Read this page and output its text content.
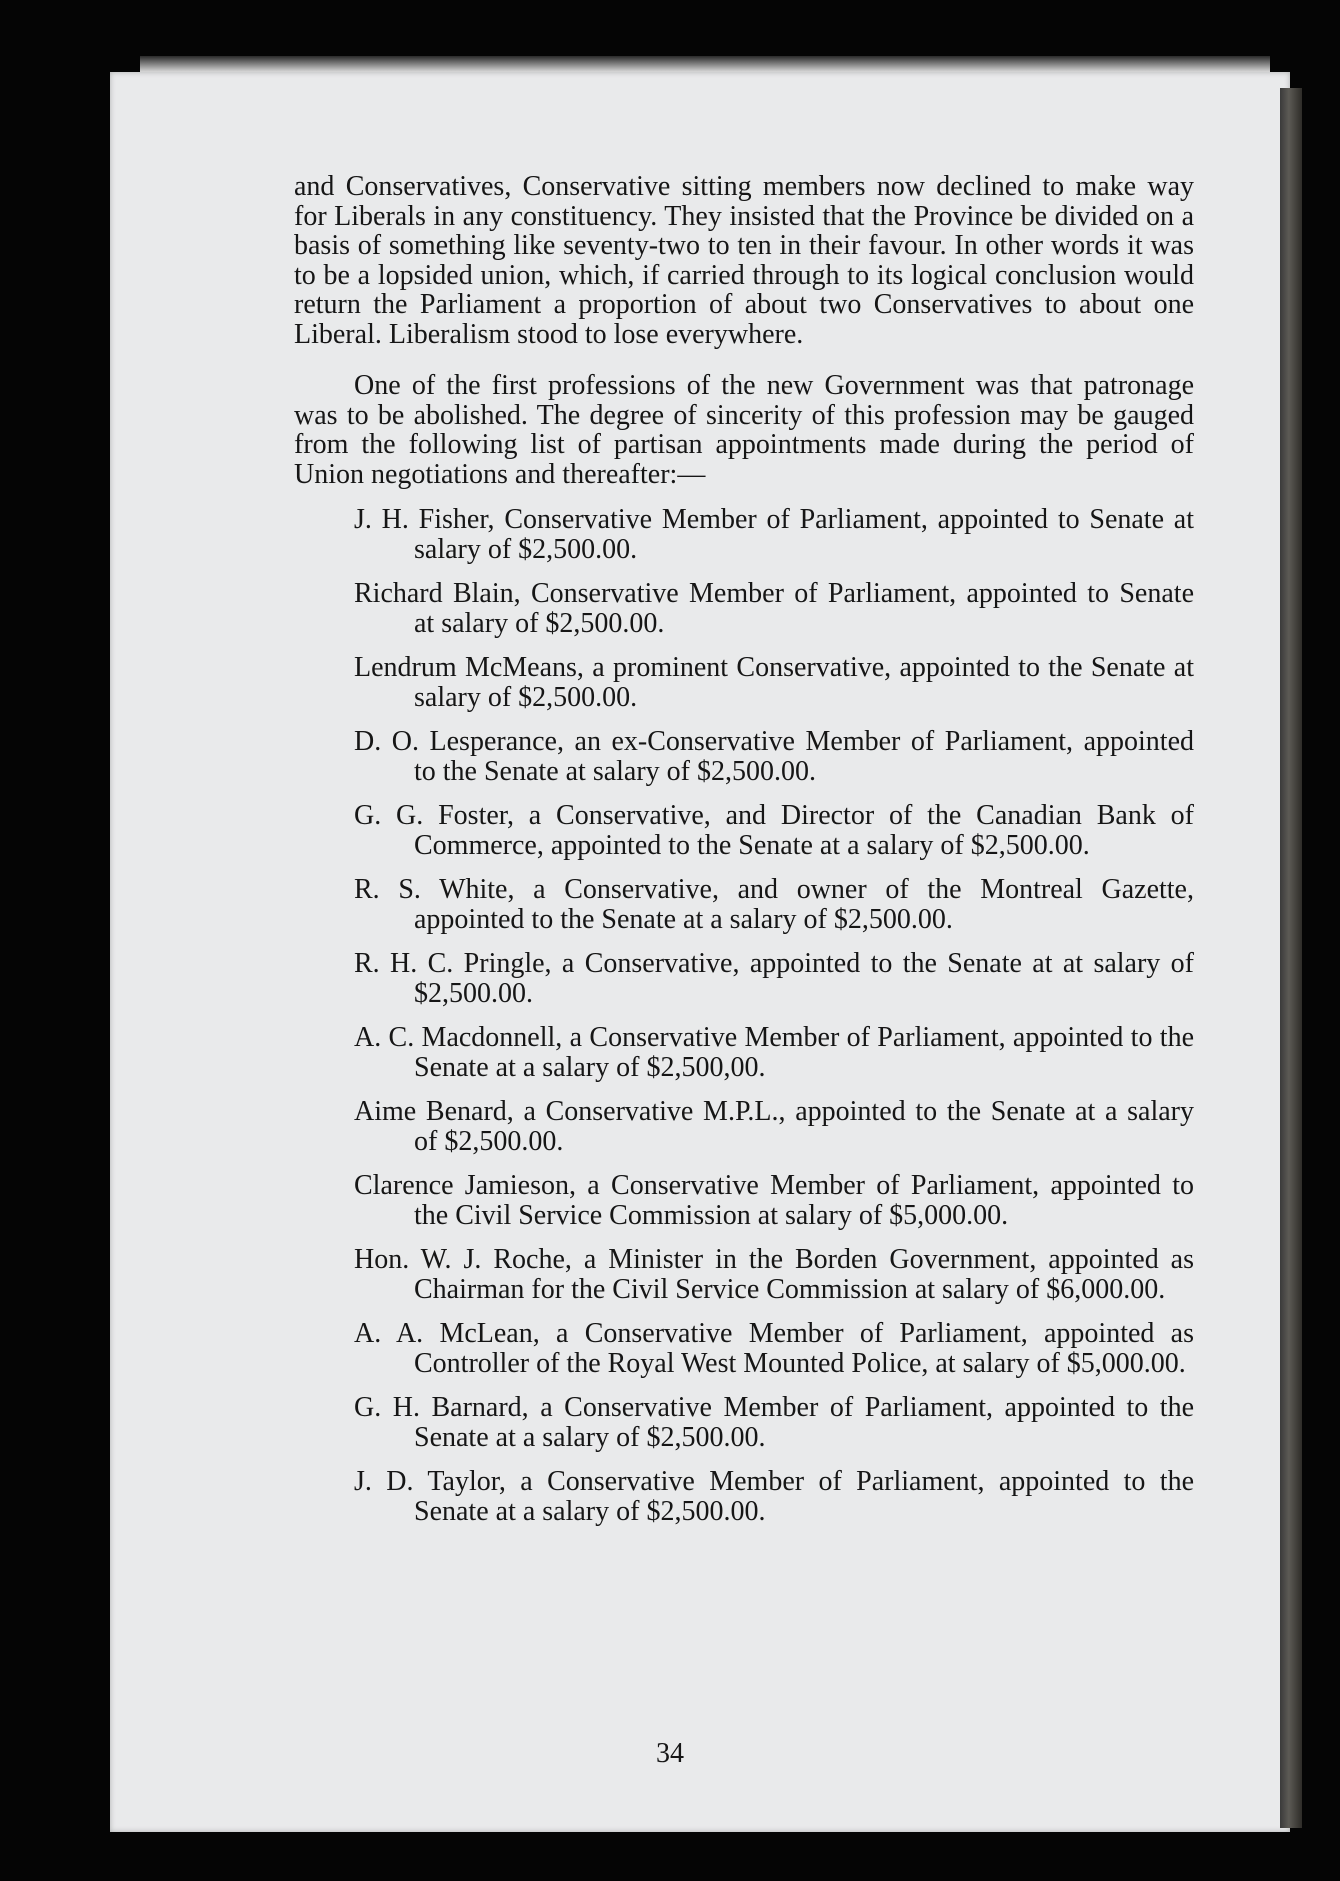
and Conservatives, Conservative sitting members now declined to make way for Liberals in any constituency. They insisted that the Province be divided on a basis of something like seventy-two to ten in their favour. In other words it was to be a lopsided union, which, if carried through to its logical conclusion would return the Parliament a proportion of about two Conservatives to about one Liberal. Liberalism stood to lose everywhere.

One of the first professions of the new Government was that patronage was to be abolished. The degree of sincerity of this profession may be gauged from the following list of partisan appointments made during the period of Union negotiations and thereafter:—

J. H. Fisher, Conservative Member of Parliament, appointed to Senate at salary of $2,500.00.
Richard Blain, Conservative Member of Parliament, appointed to Senate at salary of $2,500.00.
Lendrum McMeans, a prominent Conservative, appointed to the Senate at salary of $2,500.00.
D. O. Lesperance, an ex-Conservative Member of Parliament, appointed to the Senate at salary of $2,500.00.
G. G. Foster, a Conservative, and Director of the Canadian Bank of Commerce, appointed to the Senate at a salary of $2,500.00.
R. S. White, a Conservative, and owner of the Montreal Gazette, appointed to the Senate at a salary of $2,500.00.
R. H. C. Pringle, a Conservative, appointed to the Senate at at salary of $2,500.00.
A. C. Macdonnell, a Conservative Member of Parliament, appointed to the Senate at a salary of $2,500,00.
Aime Benard, a Conservative M.P.L., appointed to the Senate at a salary of $2,500.00.
Clarence Jamieson, a Conservative Member of Parliament, appointed to the Civil Service Commission at salary of $5,000.00.
Hon. W. J. Roche, a Minister in the Borden Government, appointed as Chairman for the Civil Service Commission at salary of $6,000.00.
A. A. McLean, a Conservative Member of Parliament, appointed as Controller of the Royal West Mounted Police, at salary of $5,000.00.
G. H. Barnard, a Conservative Member of Parliament, appointed to the Senate at a salary of $2,500.00.
J. D. Taylor, a Conservative Member of Parliament, appointed to the Senate at a salary of $2,500.00.
34
